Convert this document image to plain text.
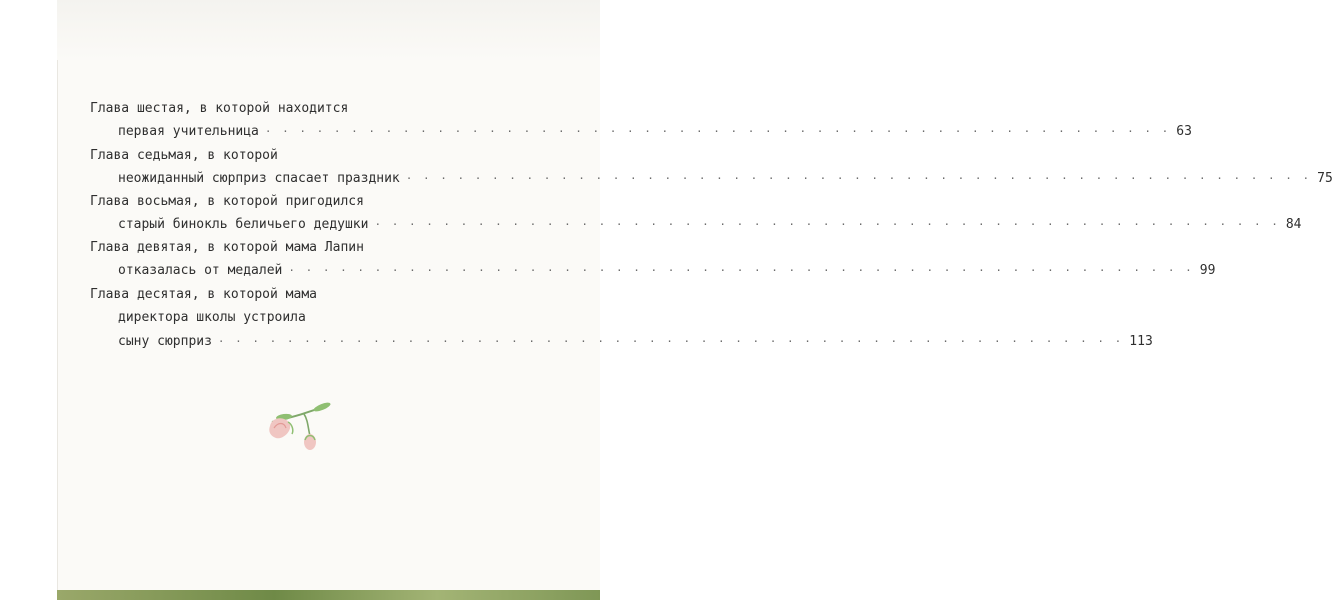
Глава шестая, в которой находится
первая учительница · · · · · · · · · · · · · · · · · · · · · · · · · · · · · · · · · · · · · · · · · · · · · · · · · · · · · 63
Глава седьмая, в которой
неожиданный сюрприз спасает праздник · · · · · · · · · · · · · · · · · · · · · · · · · · · · · · · · · · · · · · · · · · · · · · · · · · · · · 75
Глава восьмая, в которой пригодился
старый бинокль беличьего дедушки · · · · · · · · · · · · · · · · · · · · · · · · · · · · · · · · · · · · · · · · · · · · · · · · · · · · · 84
Глава девятая, в которой мама Лапин
отказалась от медалей · · · · · · · · · · · · · · · · · · · · · · · · · · · · · · · · · · · · · · · · · · · · · · · · · · · · · 99
Глава десятая, в которой мама
директора школы устроила
сыну сюрприз · · · · · · · · · · · · · · · · · · · · · · · · · · · · · · · · · · · · · · · · · · · · · · · · · · · · · 113
